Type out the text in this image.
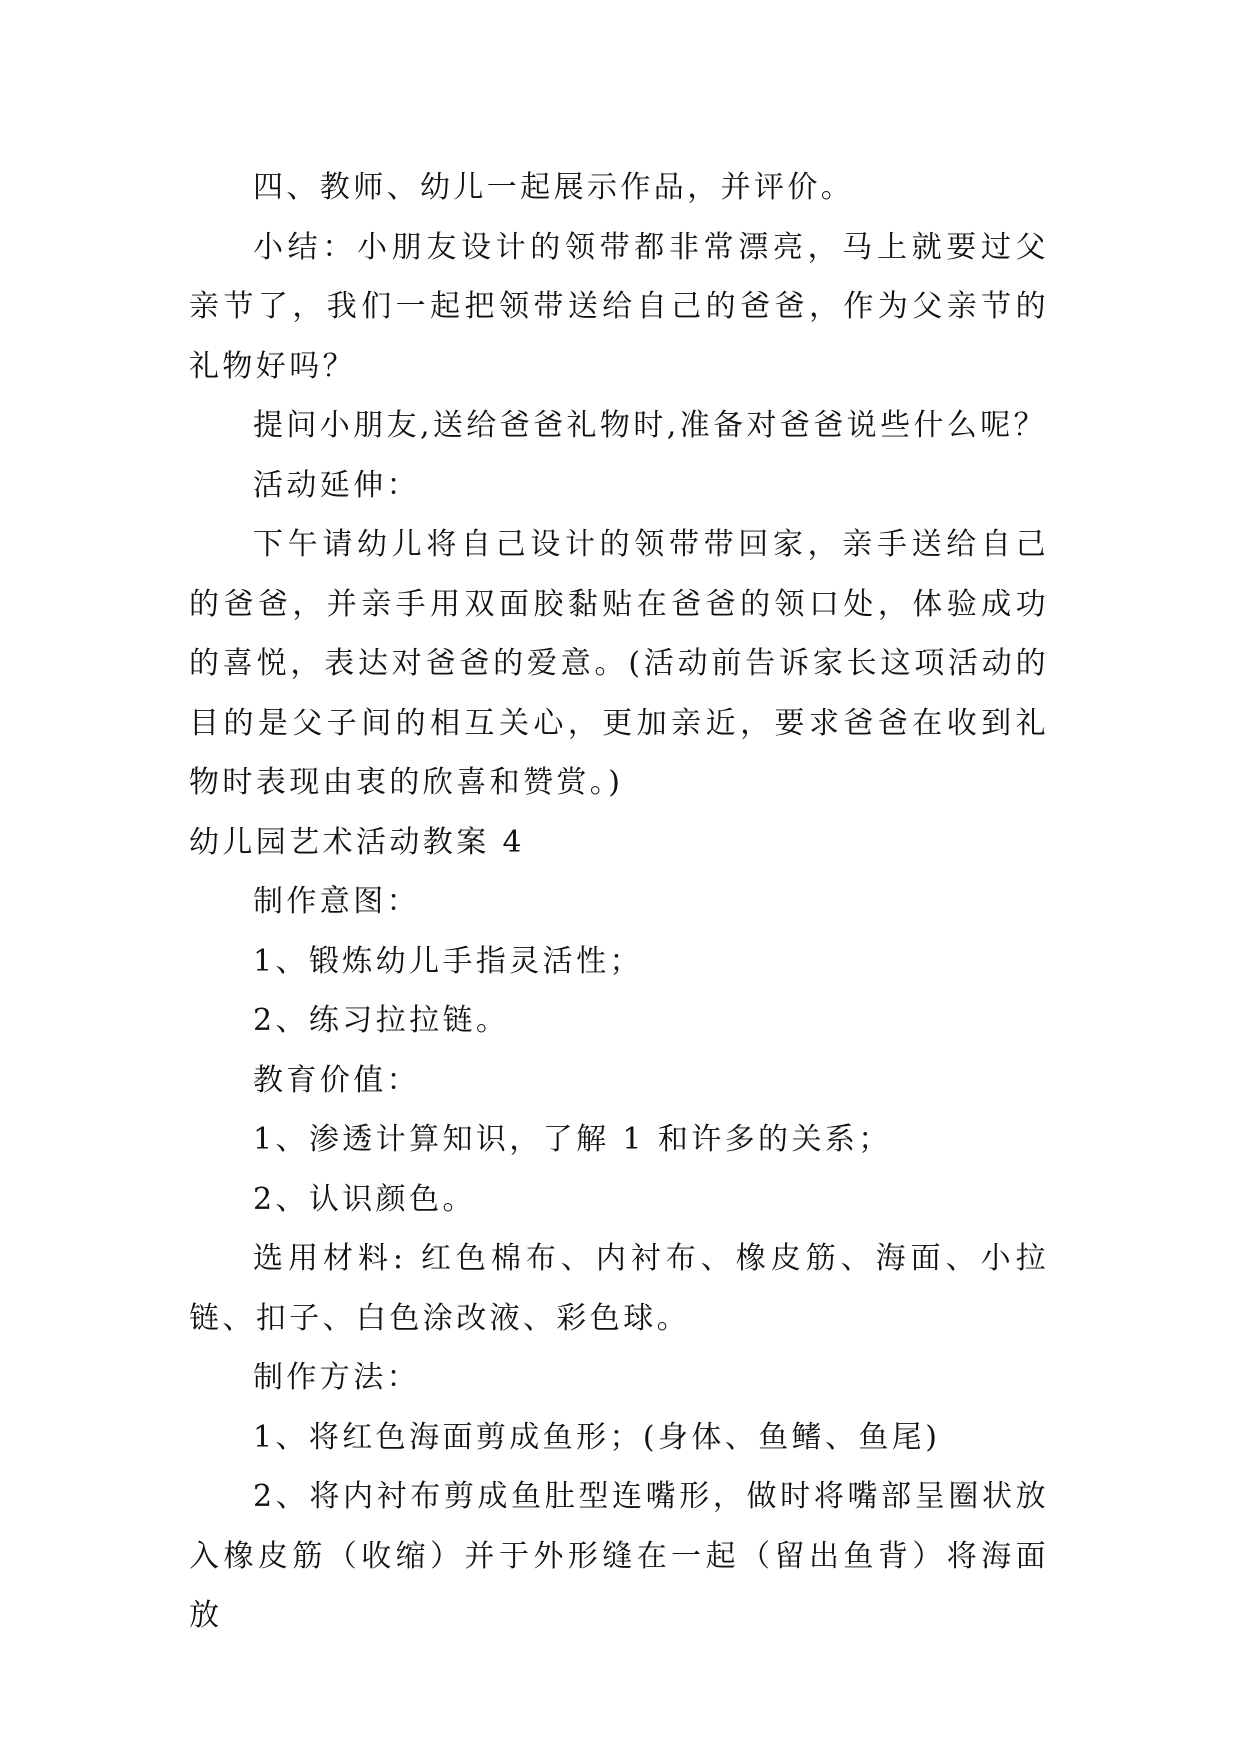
四、教师、幼儿一起展示作品，并评价。

小结：小朋友设计的领带都非常漂亮，马上就要过父亲节了，我们一起把领带送给自己的爸爸，作为父亲节的礼物好吗？

提问小朋友,送给爸爸礼物时,准备对爸爸说些什么呢？

活动延伸：

下午请幼儿将自己设计的领带带回家，亲手送给自己的爸爸，并亲手用双面胶黏贴在爸爸的领口处，体验成功的喜悦，表达对爸爸的爱意。(活动前告诉家长这项活动的目的是父子间的相互关心，更加亲近，要求爸爸在收到礼物时表现由衷的欣喜和赞赏。)

幼儿园艺术活动教案 4

制作意图：

1、锻炼幼儿手指灵活性；

2、练习拉拉链。

教育价值：

1、渗透计算知识，了解 1 和许多的关系；

2、认识颜色。

选用材料: 红色棉布、内衬布、橡皮筋、海面、小拉链、扣子、白色涂改液、彩色球。

制作方法：

1、将红色海面剪成鱼形；(身体、鱼鳍、鱼尾)

2、将内衬布剪成鱼肚型连嘴形，做时将嘴部呈圈状放入橡皮筋（收缩）并于外形缝在一起（留出鱼背）将海面放
